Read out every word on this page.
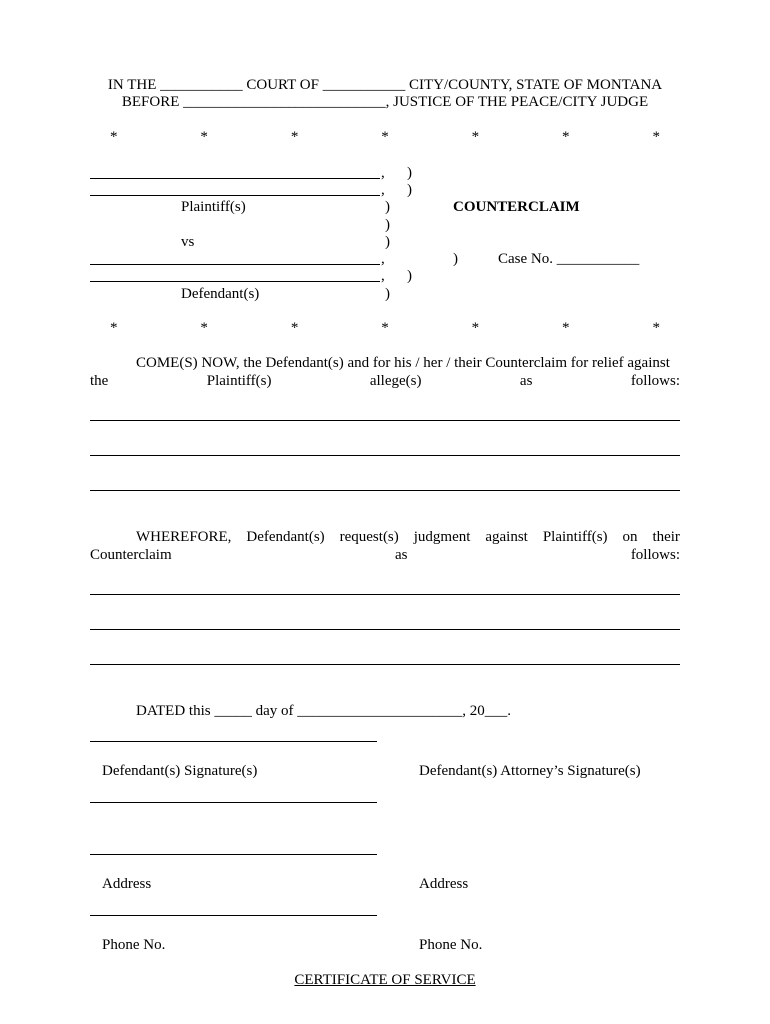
IN THE ___________ COURT OF ___________ CITY/COUNTY, STATE OF MONTANA
BEFORE ___________________________, JUSTICE OF THE PEACE/CITY JUDGE
*	*	*	*	*	*	*
, )
, )
Plaintiff(s)	)	COUNTERCLAIM
)
vs	)
,	)	Case No. ___________
, )
Defendant(s)	)
*	*	*	*	*	*	*
COME(S) NOW, the Defendant(s) and for his / her / their Counterclaim for relief against
the	Plaintiff(s)	allege(s)	as	follows:
WHEREFORE, Defendant(s) request(s) judgment against Plaintiff(s) on their
Counterclaim	as	follows:
DATED this _____ day of ______________________, 20___.
Defendant(s) Signature(s)	Defendant(s) Attorney’s Signature(s)
Address	Address
Phone No.	Phone No.
CERTIFICATE OF SERVICE
